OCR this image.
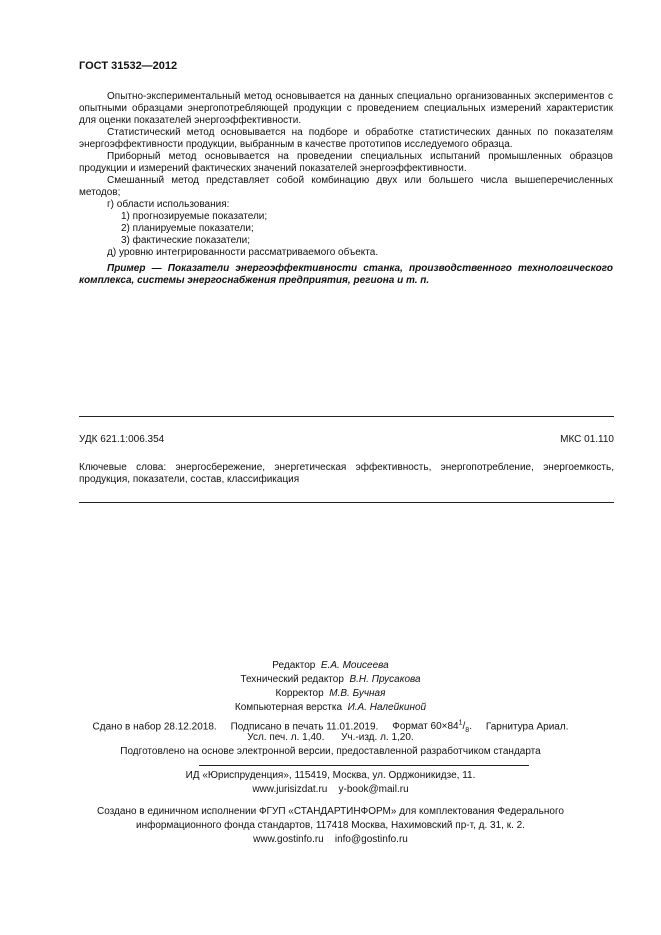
ГОСТ 31532—2012

Опытно-экспериментальный метод основывается на данных специально организованных экспериментов с опытными образцами энергопотребляющей продукции с проведением специальных измерений характеристик для оценки показателей энергоэффективности.

Статистический метод основывается на подборе и обработке статистических данных по показателям энергоэффективности продукции, выбранным в качестве прототипов исследуемого образца.

Приборный метод основывается на проведении специальных испытаний промышленных образцов продукции и измерений фактических значений показателей энергоэффективности.

Смешанный метод представляет собой комбинацию двух или большего числа вышеперечисленных методов;

г) области использования:

1) прогнозируемые показатели;

2) планируемые показатели;

3) фактические показатели;

д) уровню интегрированности рассматриваемого объекта.

Пример — Показатели энергоэффективности станка, производственного технологического комплекса, системы энергоснабжения предприятия, региона и т. п.

УДК 621.1:006.354	МКС 01.110
Ключевые слова: энергосбережение, энергетическая эффективность, энергопотребление, энергоемкость, продукция, показатели, состав, классификация
Редактор Е.А. Моисеева
Технический редактор В.Н. Прусакова
Корректор М.В. Бучная
Компьютерная верстка И.А. Налейкиной
Сдано в набор 28.12.2018. Подписано в печать 11.01.2019. Формат $60\times 84^1/_8$. Гарнитура Ариал.
Усл. печ. л. 1,40. Уч.-изд. л. 1,20.
Подготовлено на основе электронной версии, предоставленной разработчиком стандарта
ИД «Юриспруденция», 115419, Москва, ул. Орджоникидзе, 11.
www.jurisizdat.ru y-book@mail.ru
Создано в единичном исполнении ФГУП «СТАНДАРТИНФОРМ» для комплектования Федерального
информационного фонда стандартов, 117418 Москва, Нахимовский пр-т, д. 31, к. 2.
www.gostinfo.ru info@gostinfo.ru
